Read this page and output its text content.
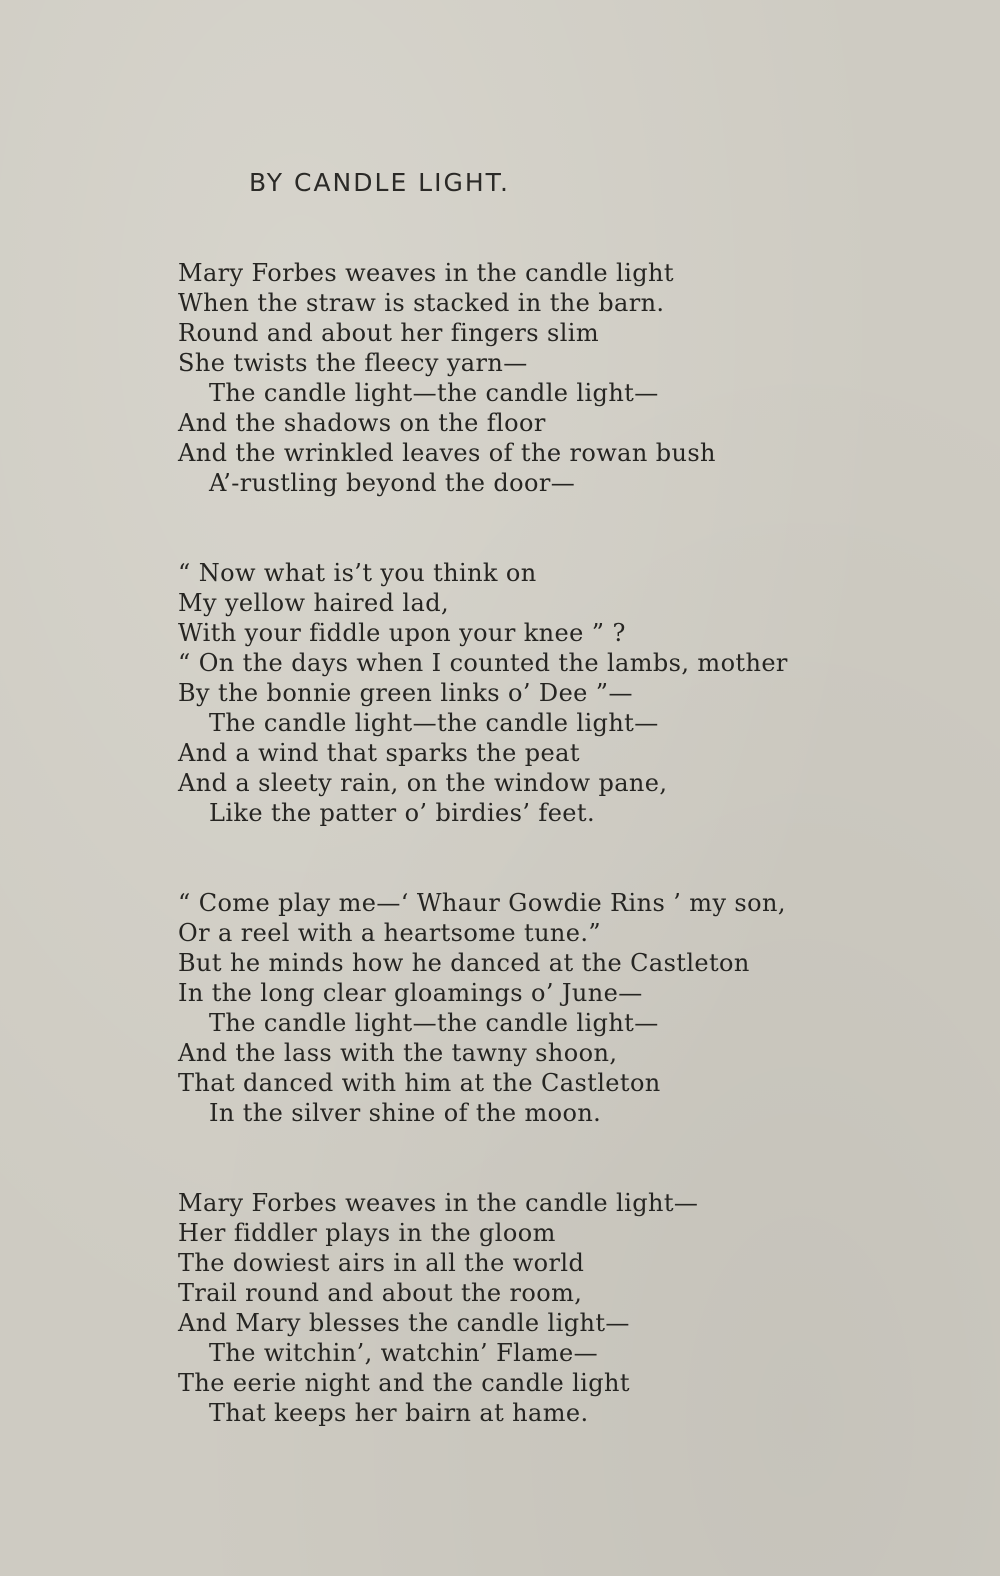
BY CANDLE LIGHT.
Mary Forbes weaves in the candle light
When the straw is stacked in the barn.
Round and about her fingers slim
She twists the fleecy yarn—
The candle light—the candle light—
And the shadows on the floor
And the wrinkled leaves of the rowan bush
A’-rustling beyond the door—
“ Now what is’t you think on
My yellow haired lad,
With your fiddle upon your knee ” ?
“ On the days when I counted the lambs, mother
By the bonnie green links o’ Dee ”—
The candle light—the candle light—
And a wind that sparks the peat
And a sleety rain, on the window pane,
Like the patter o’ birdies’ feet.
“ Come play me—‘ Whaur Gowdie Rins ’ my son,
Or a reel with a heartsome tune.”
But he minds how he danced at the Castleton
In the long clear gloamings o’ June—
The candle light—the candle light—
And the lass with the tawny shoon,
That danced with him at the Castleton
In the silver shine of the moon.
Mary Forbes weaves in the candle light—
Her fiddler plays in the gloom
The dowiest airs in all the world
Trail round and about the room,
And Mary blesses the candle light—
The witchin’, watchin’ Flame—
The eerie night and the candle light
That keeps her bairn at hame.
